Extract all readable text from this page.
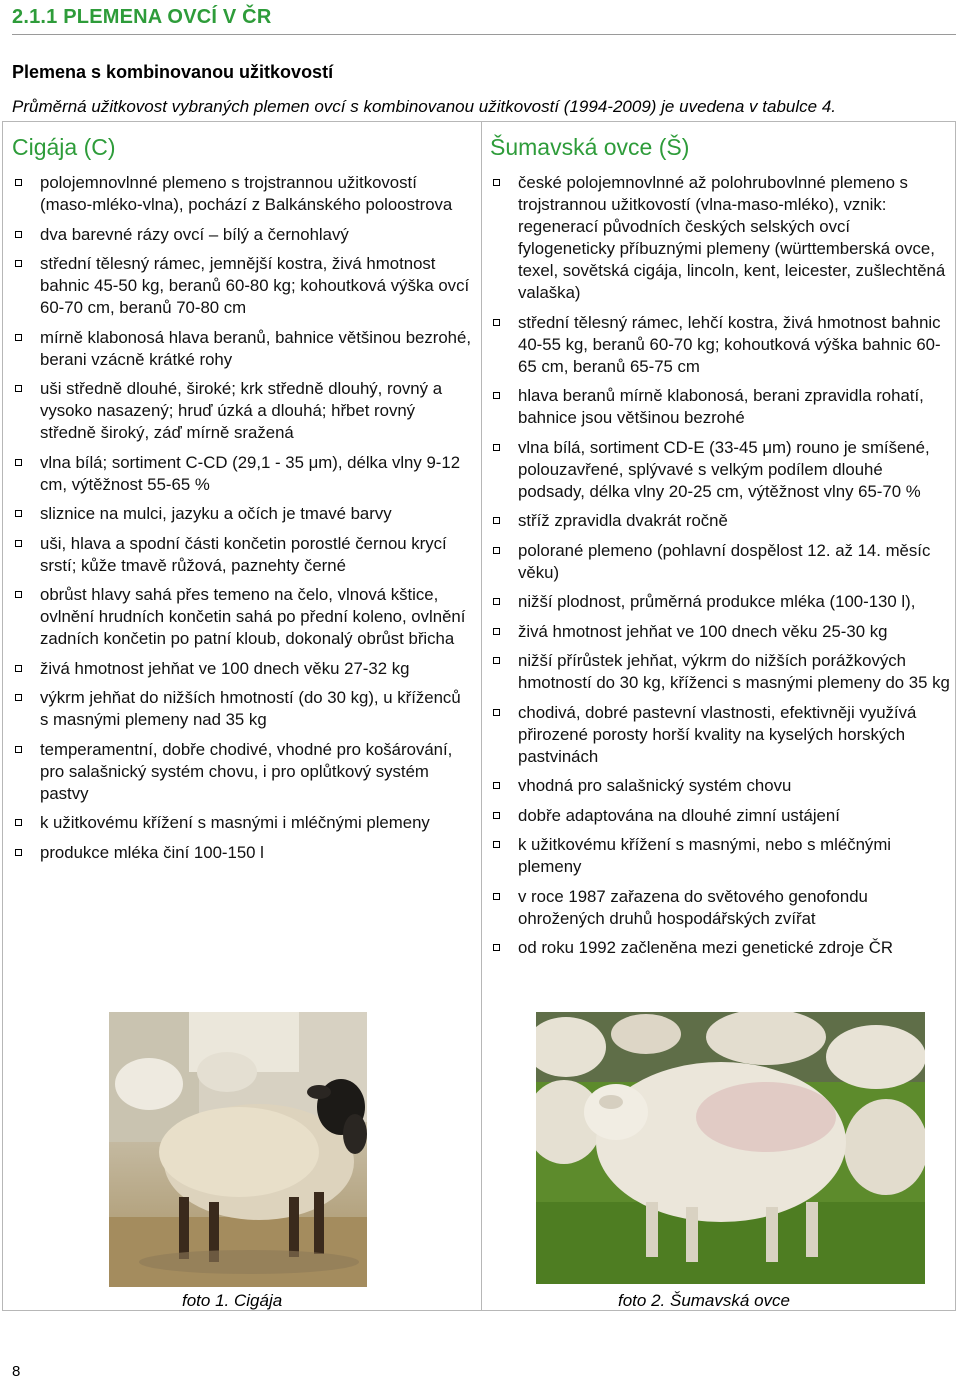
2.1.1 PLEMENA OVCÍ V ČR
Plemena s kombinovanou užitkovostí
Průměrná užitkovost vybraných plemen ovcí s kombinovanou užitkovostí (1994-2009) je uvedena v tabulce 4.
Cigája (C)
polojemnovlnné plemeno s trojstrannou užitkovostí (maso-mléko-vlna), pochází z Balkánského poloostrova
dva barevné rázy ovcí – bílý a černohlavý
střední tělesný rámec, jemnější kostra, živá hmotnost bahnic 45-50 kg, beranů 60-80 kg; kohoutková výška ovcí 60-70 cm, beranů 70-80 cm
mírně klabonosá hlava beranů, bahnice většinou bezrohé, berani vzácně krátké rohy
uši středně dlouhé, široké; krk středně dlouhý, rovný a vysoko nasazený; hruď úzká a dlouhá; hřbet rovný středně široký, záď mírně sražená
vlna bílá; sortiment C-CD (29,1 - 35 μm), délka vlny 9-12 cm, výtěžnost 55-65 %
sliznice na mulci, jazyku a očích je tmavé barvy
uši, hlava a spodní části končetin porostlé černou krycí srstí; kůže tmavě růžová, paznehty černé
obrůst hlavy sahá přes temeno na čelo, vlnová kštice, ovlnění hrudních končetin sahá po přední koleno, ovlnění zadních končetin po patní kloub, dokonalý obrůst břicha
živá hmotnost jehňat ve 100 dnech věku 27-32 kg
výkrm jehňat do nižších hmotností (do 30 kg), u kříženců s masnými plemeny nad 35 kg
temperamentní, dobře chodivé, vhodné pro košárování, pro salašnický systém chovu, i pro oplůtkový systém pastvy
k užitkovému křížení s masnými i mléčnými plemeny
produkce mléka činí 100-150 l
Šumavská ovce (Š)
české polojemnovlnné až polohrubovlnné plemeno s trojstrannou užitkovostí (vlna-maso-mléko), vznik: regenerací původních českých selských ovcí fylogeneticky příbuznými plemeny (württemberská ovce, texel, sovětská cigája, lincoln, kent, leicester, zušlechtěná valaška)
střední tělesný rámec, lehčí kostra, živá hmotnost bahnic 40-55 kg, beranů 60-70 kg; kohoutková výška bahnic 60-65 cm, beranů 65-75 cm
hlava beranů mírně klabonosá, berani zpravidla rohatí, bahnice jsou většinou bezrohé
vlna bílá, sortiment CD-E (33-45 μm) rouno je smíšené, polouzavřené, splývavé s velkým podílem dlouhé podsady, délka vlny 20-25 cm, výtěžnost vlny 65-70 %
stříž zpravidla dvakrát ročně
polorané plemeno (pohlavní dospělost 12. až 14. měsíc věku)
nižší plodnost, průměrná produkce mléka (100-130 l),
živá hmotnost jehňat ve 100 dnech věku 25-30 kg
nižší přírůstek jehňat, výkrm do nižších porážkových hmotností do 30 kg, kříženci s masnými plemeny do 35 kg
chodivá, dobré pastevní vlastnosti, efektivněji využívá přirozené porosty horší kvality na kyselých horských pastvinách
vhodná pro salašnický systém chovu
dobře adaptována na dlouhé zimní ustájení
k užitkovému křížení s masnými, nebo s mléčnými plemeny
v roce 1987 zařazena do světového genofondu ohrožených druhů hospodářských zvířat
od roku 1992 začleněna mezi genetické zdroje ČR
foto 1. Cigája	foto 2. Šumavská ovce
8
